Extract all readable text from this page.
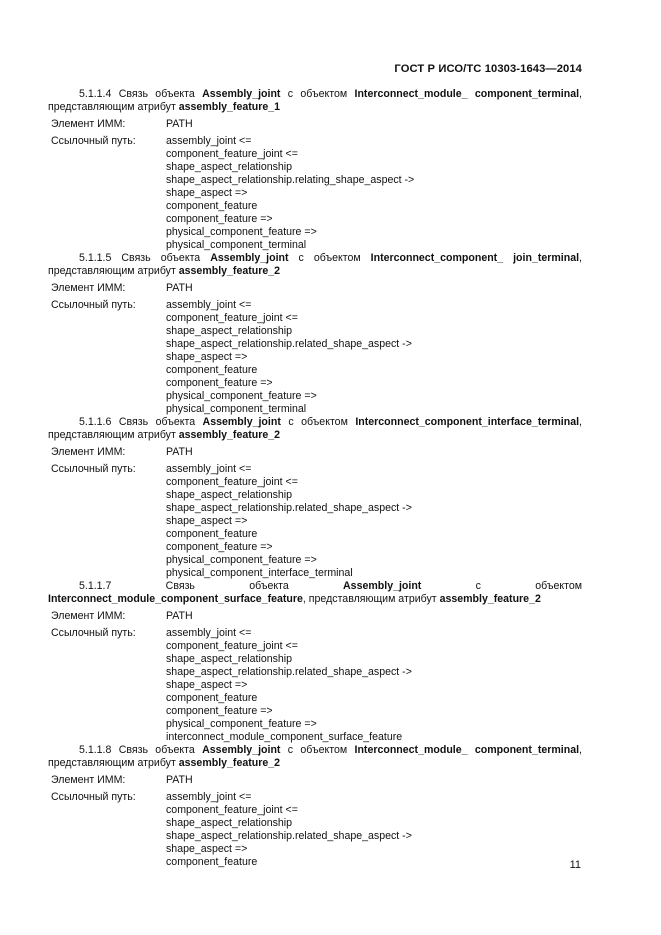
ГОСТ Р ИСО/ТС 10303-1643—2014
5.1.1.4 Связь объекта Assembly_joint с объектом Interconnect_module_ component_terminal,
представляющим атрибут assembly_feature_1
Элемент ИММ:	PATH
Ссылочный путь:	assembly_joint <=
component_feature_joint <=
shape_aspect_relationship
shape_aspect_relationship.relating_shape_aspect ->
shape_aspect =>
component_feature
component_feature =>
physical_component_feature =>
physical_component_terminal
5.1.1.5 Связь объекта Assembly_joint с объектом Interconnect_component_ join_terminal,
представляющим атрибут assembly_feature_2
Элемент ИММ:	PATH
Ссылочный путь:	assembly_joint <=
component_feature_joint <=
shape_aspect_relationship
shape_aspect_relationship.related_shape_aspect ->
shape_aspect =>
component_feature
component_feature =>
physical_component_feature =>
physical_component_terminal
5.1.1.6 Связь объекта Assembly_joint с объектом Interconnect_component_interface_terminal,
представляющим атрибут assembly_feature_2
Элемент ИММ:	PATH
Ссылочный путь:	assembly_joint <=
component_feature_joint <=
shape_aspect_relationship
shape_aspect_relationship.related_shape_aspect ->
shape_aspect =>
component_feature
component_feature =>
physical_component_feature =>
physical_component_interface_terminal
5.1.1.7 Связь объекта Assembly_joint с объектом
Interconnect_module_component_surface_feature, представляющим атрибут assembly_feature_2
Элемент ИММ:	PATH
Ссылочный путь:	assembly_joint <=
component_feature_joint <=
shape_aspect_relationship
shape_aspect_relationship.related_shape_aspect ->
shape_aspect =>
component_feature
component_feature =>
physical_component_feature =>
interconnect_module_component_surface_feature
5.1.1.8 Связь объекта Assembly_joint с объектом Interconnect_module_ component_terminal,
представляющим атрибут assembly_feature_2
Элемент ИММ:	PATH
Ссылочный путь:	assembly_joint <=
component_feature_joint <=
shape_aspect_relationship
shape_aspect_relationship.related_shape_aspect ->
shape_aspect =>
component_feature	11
